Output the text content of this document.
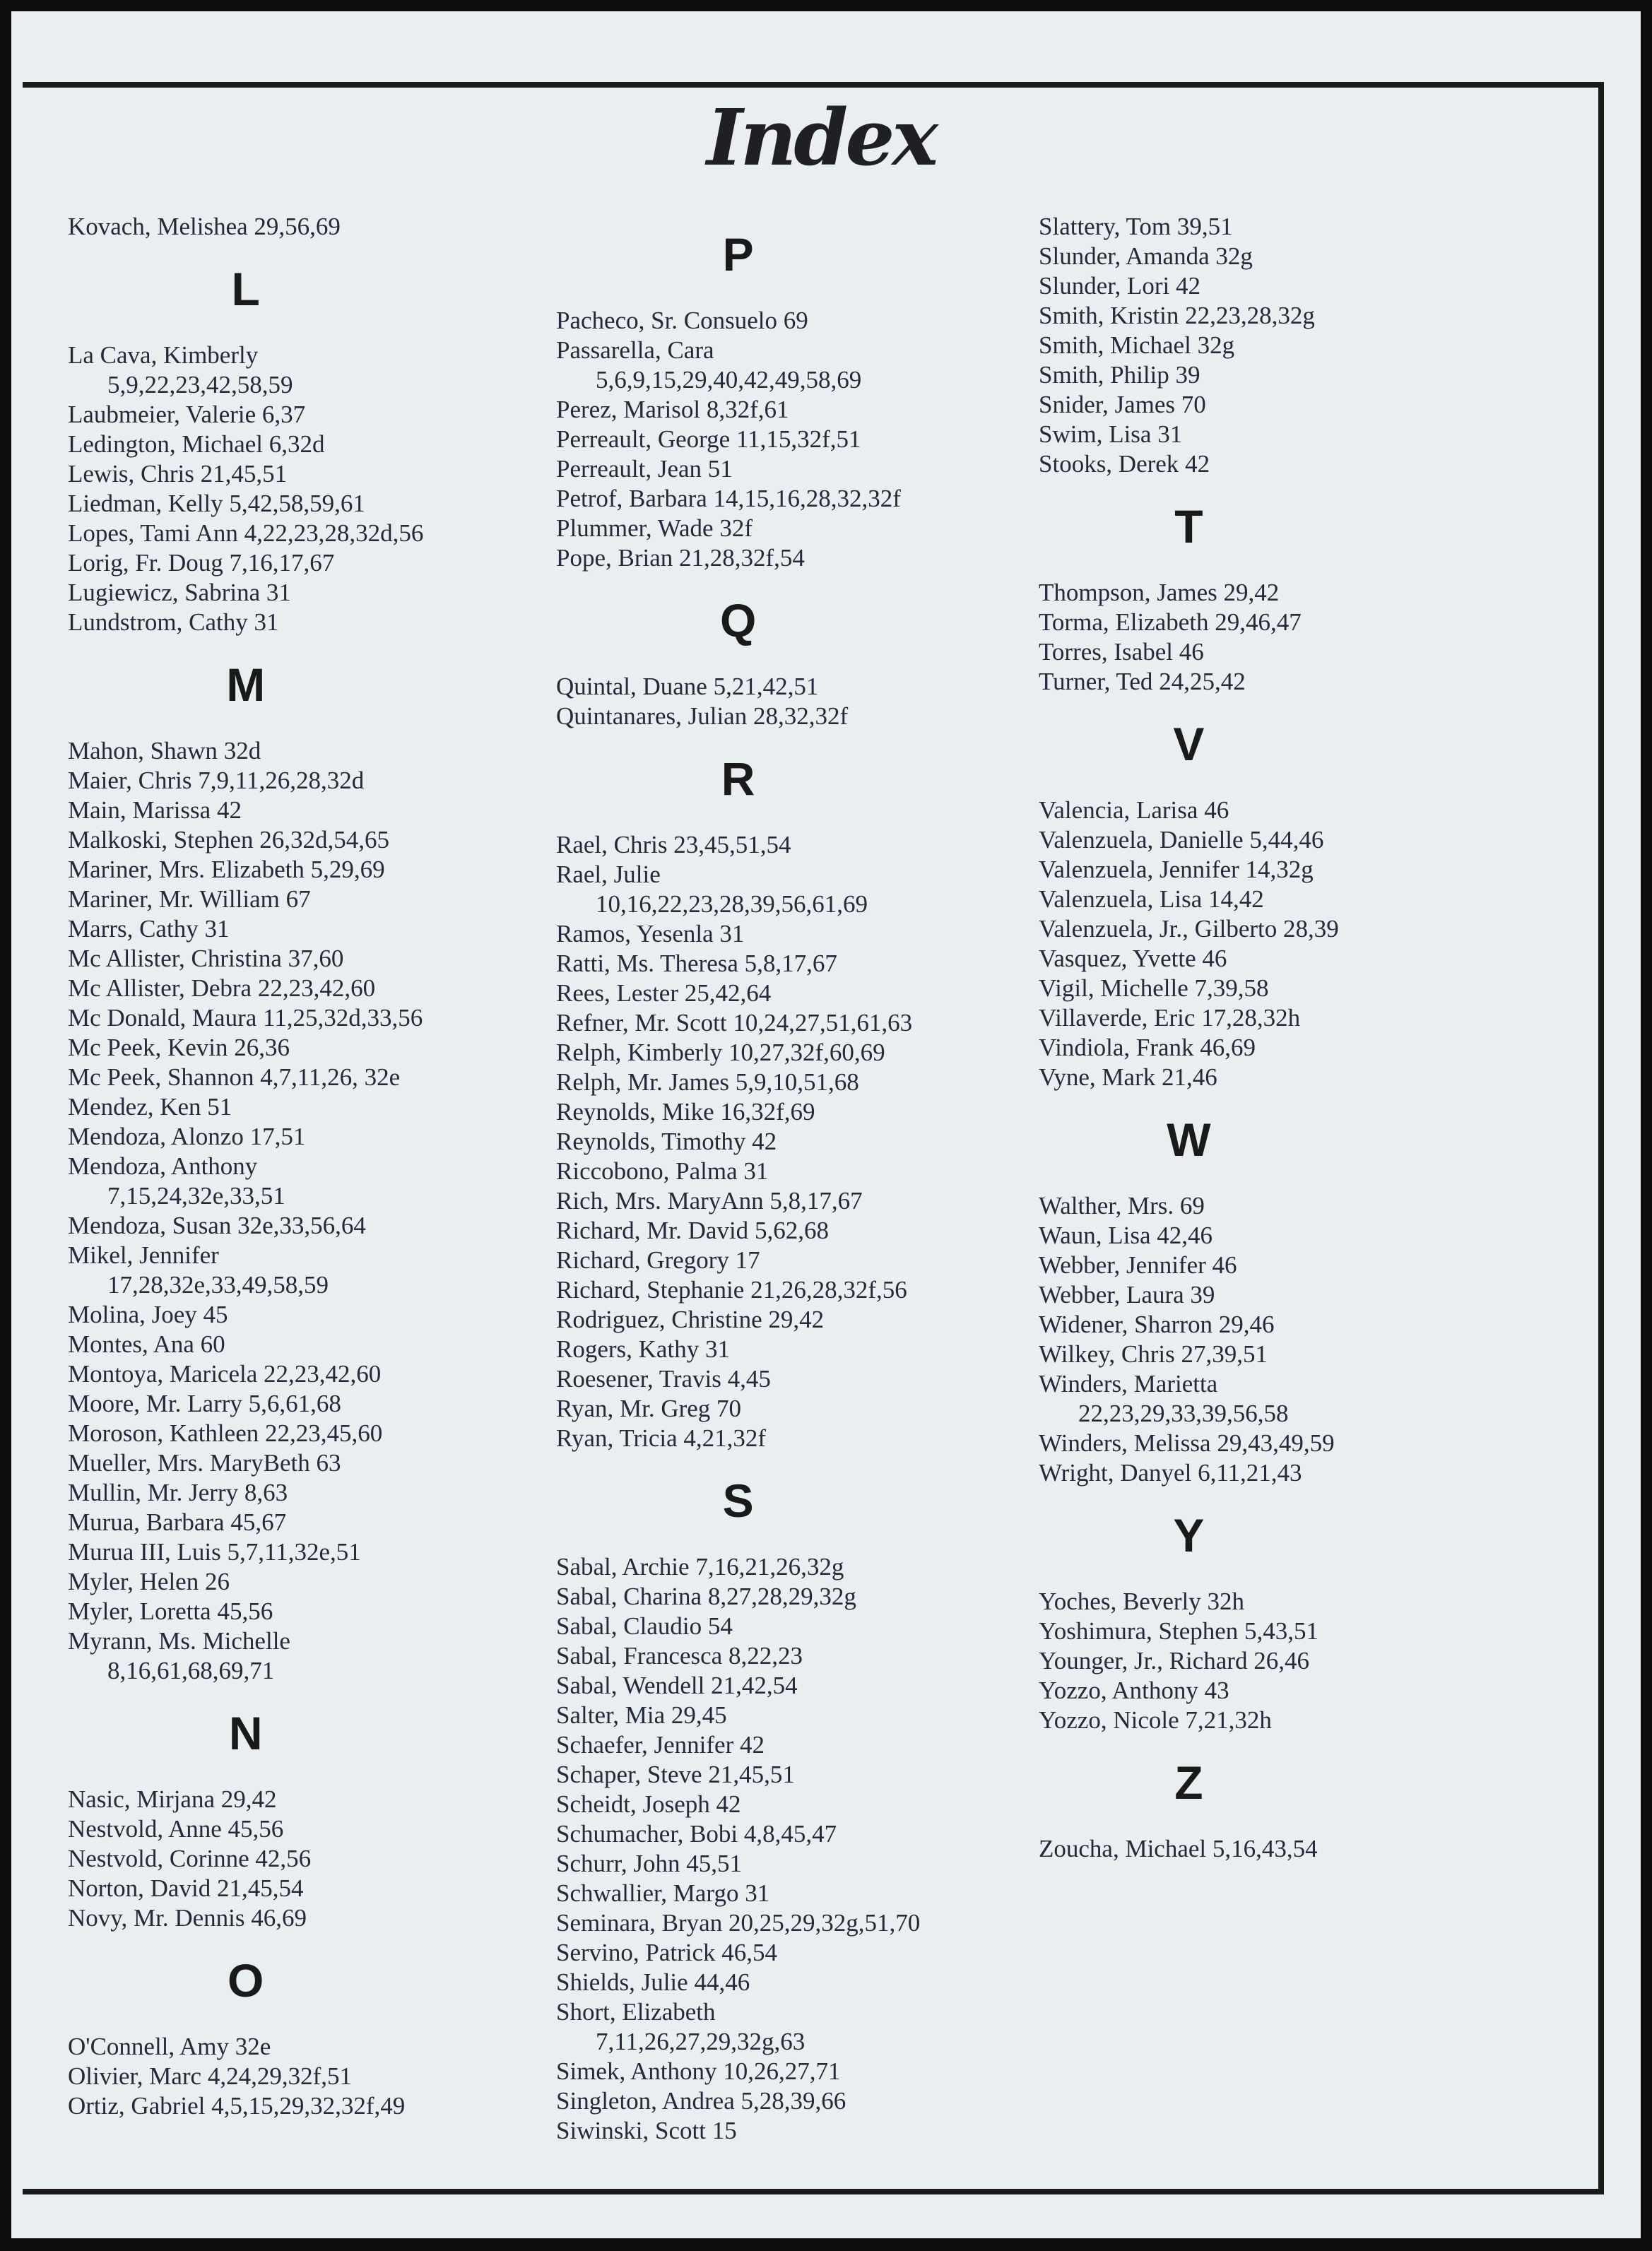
Index
Kovach, Melishea 29,56,69
L
La Cava, Kimberly
5,9,22,23,42,58,59
Laubmeier, Valerie 6,37
Ledington, Michael 6,32d
Lewis, Chris 21,45,51
Liedman, Kelly 5,42,58,59,61
Lopes, Tami Ann 4,22,23,28,32d,56
Lorig, Fr. Doug 7,16,17,67
Lugiewicz, Sabrina 31
Lundstrom, Cathy 31
M
Mahon, Shawn 32d
Maier, Chris 7,9,11,26,28,32d
Main, Marissa 42
Malkoski, Stephen 26,32d,54,65
Mariner, Mrs. Elizabeth 5,29,69
Mariner, Mr. William 67
Marrs, Cathy 31
Mc Allister, Christina 37,60
Mc Allister, Debra 22,23,42,60
Mc Donald, Maura 11,25,32d,33,56
Mc Peek, Kevin 26,36
Mc Peek, Shannon 4,7,11,26, 32e
Mendez, Ken 51
Mendoza, Alonzo 17,51
Mendoza, Anthony
7,15,24,32e,33,51
Mendoza, Susan 32e,33,56,64
Mikel, Jennifer
17,28,32e,33,49,58,59
Molina, Joey 45
Montes, Ana 60
Montoya, Maricela 22,23,42,60
Moore, Mr. Larry 5,6,61,68
Moroson, Kathleen 22,23,45,60
Mueller, Mrs. MaryBeth 63
Mullin, Mr. Jerry 8,63
Murua, Barbara 45,67
Murua III, Luis 5,7,11,32e,51
Myler, Helen 26
Myler, Loretta 45,56
Myrann, Ms. Michelle
8,16,61,68,69,71
N
Nasic, Mirjana 29,42
Nestvold, Anne 45,56
Nestvold, Corinne 42,56
Norton, David 21,45,54
Novy, Mr. Dennis 46,69
O
O'Connell, Amy 32e
Olivier, Marc 4,24,29,32f,51
Ortiz, Gabriel 4,5,15,29,32,32f,49
P
Pacheco, Sr. Consuelo 69
Passarella, Cara
5,6,9,15,29,40,42,49,58,69
Perez, Marisol 8,32f,61
Perreault, George 11,15,32f,51
Perreault, Jean 51
Petrof, Barbara 14,15,16,28,32,32f
Plummer, Wade 32f
Pope, Brian 21,28,32f,54
Q
Quintal, Duane 5,21,42,51
Quintanares, Julian 28,32,32f
R
Rael, Chris 23,45,51,54
Rael, Julie
10,16,22,23,28,39,56,61,69
Ramos, Yesenla 31
Ratti, Ms. Theresa 5,8,17,67
Rees, Lester 25,42,64
Refner, Mr. Scott 10,24,27,51,61,63
Relph, Kimberly 10,27,32f,60,69
Relph, Mr. James 5,9,10,51,68
Reynolds, Mike 16,32f,69
Reynolds, Timothy 42
Riccobono, Palma 31
Rich, Mrs. MaryAnn 5,8,17,67
Richard, Mr. David 5,62,68
Richard, Gregory 17
Richard, Stephanie 21,26,28,32f,56
Rodriguez, Christine 29,42
Rogers, Kathy 31
Roesener, Travis 4,45
Ryan, Mr. Greg 70
Ryan, Tricia 4,21,32f
S
Sabal, Archie 7,16,21,26,32g
Sabal, Charina 8,27,28,29,32g
Sabal, Claudio 54
Sabal, Francesca 8,22,23
Sabal, Wendell 21,42,54
Salter, Mia 29,45
Schaefer, Jennifer 42
Schaper, Steve 21,45,51
Scheidt, Joseph 42
Schumacher, Bobi 4,8,45,47
Schurr, John 45,51
Schwallier, Margo 31
Seminara, Bryan 20,25,29,32g,51,70
Servino, Patrick 46,54
Shields, Julie 44,46
Short, Elizabeth
7,11,26,27,29,32g,63
Simek, Anthony 10,26,27,71
Singleton, Andrea 5,28,39,66
Siwinski, Scott 15
Slattery, Tom 39,51
Slunder, Amanda 32g
Slunder, Lori 42
Smith, Kristin 22,23,28,32g
Smith, Michael 32g
Smith, Philip 39
Snider, James 70
Swim, Lisa 31
Stooks, Derek 42
T
Thompson, James 29,42
Torma, Elizabeth 29,46,47
Torres, Isabel 46
Turner, Ted 24,25,42
V
Valencia, Larisa 46
Valenzuela, Danielle 5,44,46
Valenzuela, Jennifer 14,32g
Valenzuela, Lisa 14,42
Valenzuela, Jr., Gilberto 28,39
Vasquez, Yvette 46
Vigil, Michelle 7,39,58
Villaverde, Eric 17,28,32h
Vindiola, Frank 46,69
Vyne, Mark 21,46
W
Walther, Mrs. 69
Waun, Lisa 42,46
Webber, Jennifer 46
Webber, Laura 39
Widener, Sharron 29,46
Wilkey, Chris 27,39,51
Winders, Marietta
22,23,29,33,39,56,58
Winders, Melissa 29,43,49,59
Wright, Danyel 6,11,21,43
Y
Yoches, Beverly 32h
Yoshimura, Stephen 5,43,51
Younger, Jr., Richard 26,46
Yozzo, Anthony 43
Yozzo, Nicole 7,21,32h
Z
Zoucha, Michael 5,16,43,54
